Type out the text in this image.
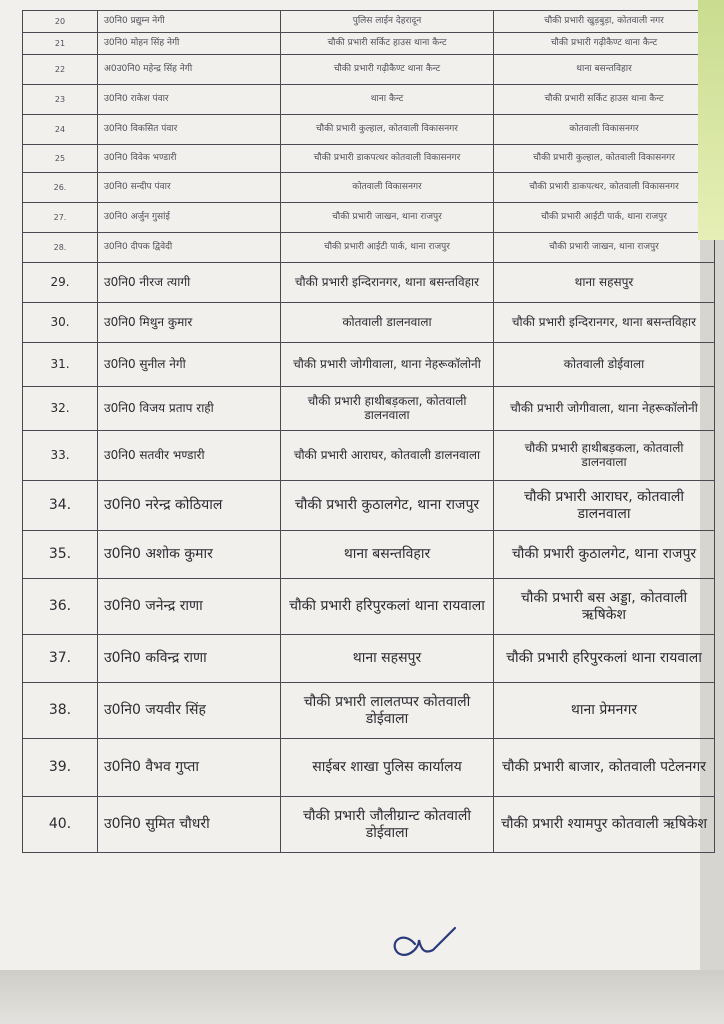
20	उ0नि0 प्रद्युम्न नेगी	पुलिस लाईन देहरादून	चौकी प्रभारी खुड़बुड़ा, कोतवाली नगर
21	उ0नि0 मोहन सिंह नेगी	चौकी प्रभारी सर्किट हाउस थाना कैन्ट	चौकी प्रभारी गढ़ीकैण्ट थाना कैन्ट
22	अ0उ0नि0 महेन्द्र सिंह नेगी	चौकी प्रभारी गढ़ीकैण्ट थाना कैन्ट	थाना बसन्तविहार
23	उ0नि0 राकेश पंवार	थाना कैन्ट	चौकी प्रभारी सर्किट हाउस थाना कैन्ट
24	उ0नि0 विकसित पंवार	चौकी प्रभारी कुल्हाल, कोतवाली विकासनगर	कोतवाली विकासनगर
25	उ0नि0 विवेक भण्डारी	चौकी प्रभारी डाकपत्थर कोतवाली विकासनगर	चौकी प्रभारी कुल्हाल, कोतवाली विकासनगर
26.	उ0नि0 सन्दीप पंवार	कोतवाली विकासनगर	चौकी प्रभारी डाकपत्थर, कोतवाली विकासनगर
27.	उ0नि0 अर्जुन गुसांई	चौकी प्रभारी जाखन, थाना राजपुर	चौकी प्रभारी आईटी पार्क, थाना राजपुर
28.	उ0नि0 दीपक द्विवेदी	चौकी प्रभारी आईटी पार्क, थाना राजपुर	चौकी प्रभारी जाखन, थाना राजपुर
29.	उ0नि0 नीरज त्यागी	चौकी प्रभारी इन्दिरानगर, थाना बसन्तविहार	थाना सहसपुर
30.	उ0नि0 मिथुन कुमार	कोतवाली डालनवाला	चौकी प्रभारी इन्दिरानगर, थाना बसन्तविहार
31.	उ0नि0 सुनील नेगी	चौकी प्रभारी जोगीवाला, थाना नेहरूकॉलोनी	कोतवाली डोईवाला
32.	उ0नि0 विजय प्रताप राही	चौकी प्रभारी हाथीबड़कला, कोतवाली डालनवाला	चौकी प्रभारी जोगीवाला, थाना नेहरूकॉलोनी
33.	उ0नि0 सतवीर भण्डारी	चौकी प्रभारी आराघर, कोतवाली डालनवाला	चौकी प्रभारी हाथीबड़कला, कोतवाली डालनवाला
34.	उ0नि0 नरेन्द्र कोठियाल	चौकी प्रभारी कुठालगेट, थाना राजपुर	चौकी प्रभारी आराघर, कोतवाली डालनवाला
35.	उ0नि0 अशोक कुमार	थाना बसन्तविहार	चौकी प्रभारी कुठालगेट, थाना राजपुर
36.	उ0नि0 जनेन्द्र राणा	चौकी प्रभारी हरिपुरकलां थाना रायवाला	चौकी प्रभारी बस अड्डा, कोतवाली ऋषिकेश
37.	उ0नि0 कविन्द्र राणा	थाना सहसपुर	चौकी प्रभारी हरिपुरकलां थाना रायवाला
38.	उ0नि0 जयवीर सिंह	चौकी प्रभारी लालतप्पर कोतवाली डोईवाला	थाना प्रेमनगर
39.	उ0नि0 वैभव गुप्ता	साईबर शाखा पुलिस कार्यालय	चौकी प्रभारी बाजार, कोतवाली पटेलनगर
40.	उ0नि0 सुमित चौधरी	चौकी प्रभारी जौलीग्रान्ट कोतवाली डोईवाला	चौकी प्रभारी श्यामपुर कोतवाली ऋषिकेश
